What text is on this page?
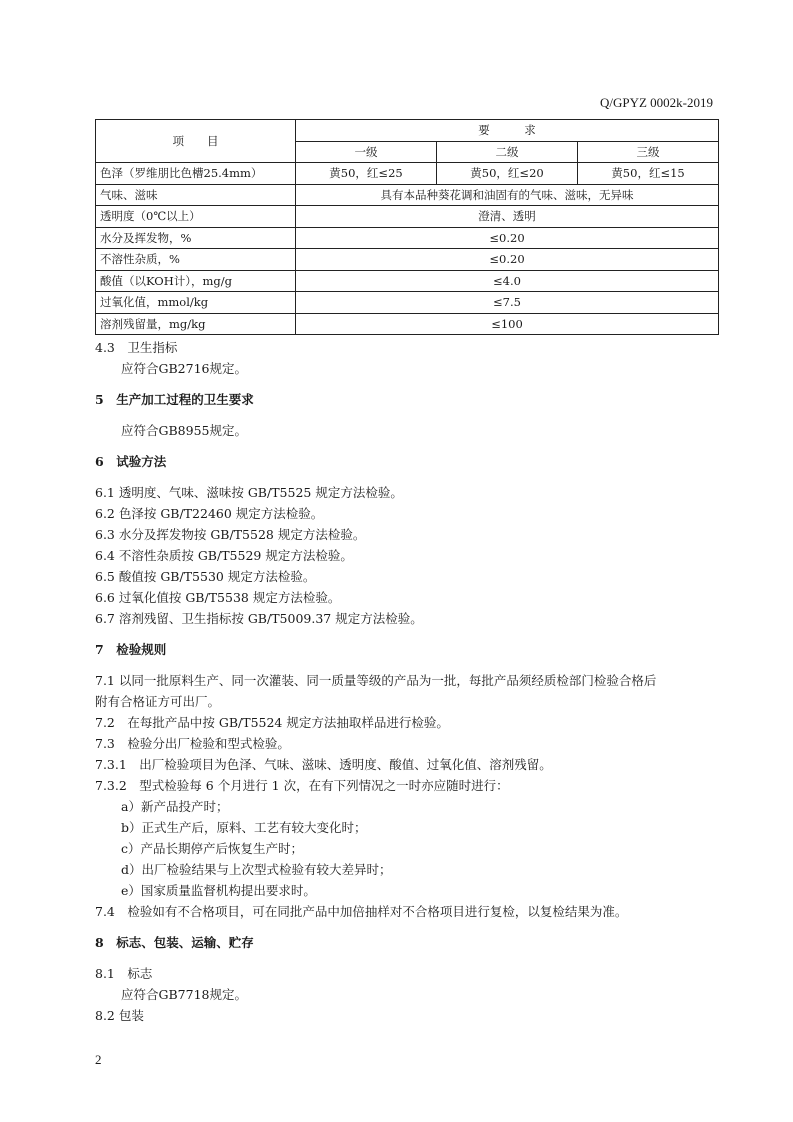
Q/GPYZ 0002k-2019
项　　目	要　　　求		
	一级	二级	三级
色泽（罗维朋比色槽25.4mm）	黄50，红≤25	黄50，红≤20	黄50，红≤15
气味、滋味	具有本品种葵花调和油固有的气味、滋味，无异味		
透明度（0℃以上）	澄清、透明		
水分及挥发物，%	≤0.20		
不溶性杂质，%	≤0.20		
酸值（以KOH计），mg/g	≤4.0		
过氧化值，mmol/kg	≤7.5		
溶剂残留量，mg/kg	≤100		

4.3　卫生指标

应符合GB2716规定。

5　生产加工过程的卫生要求

应符合GB8955规定。

6　试验方法

6.1 透明度、气味、滋味按 GB/T5525 规定方法检验。

6.2 色泽按 GB/T22460 规定方法检验。

6.3 水分及挥发物按 GB/T5528 规定方法检验。

6.4 不溶性杂质按 GB/T5529 规定方法检验。

6.5 酸值按 GB/T5530 规定方法检验。

6.6 过氧化值按 GB/T5538 规定方法检验。

6.7 溶剂残留、卫生指标按 GB/T5009.37 规定方法检验。

7　检验规则

7.1 以同一批原料生产、同一次灌装、同一质量等级的产品为一批，每批产品须经质检部门检验合格后

附有合格证方可出厂。

7.2　在每批产品中按 GB/T5524 规定方法抽取样品进行检验。

7.3　检验分出厂检验和型式检验。

7.3.1　出厂检验项目为色泽、气味、滋味、透明度、酸值、过氧化值、溶剂残留。

7.3.2　型式检验每 6 个月进行 1 次，在有下列情况之一时亦应随时进行：

a）新产品投产时；

b）正式生产后，原料、工艺有较大变化时；

c）产品长期停产后恢复生产时；

d）出厂检验结果与上次型式检验有较大差异时；

e）国家质量监督机构提出要求时。

7.4　检验如有不合格项目，可在同批产品中加倍抽样对不合格项目进行复检，以复检结果为准。

8　标志、包装、运输、贮存

8.1　标志

应符合GB7718规定。

8.2 包装

2
